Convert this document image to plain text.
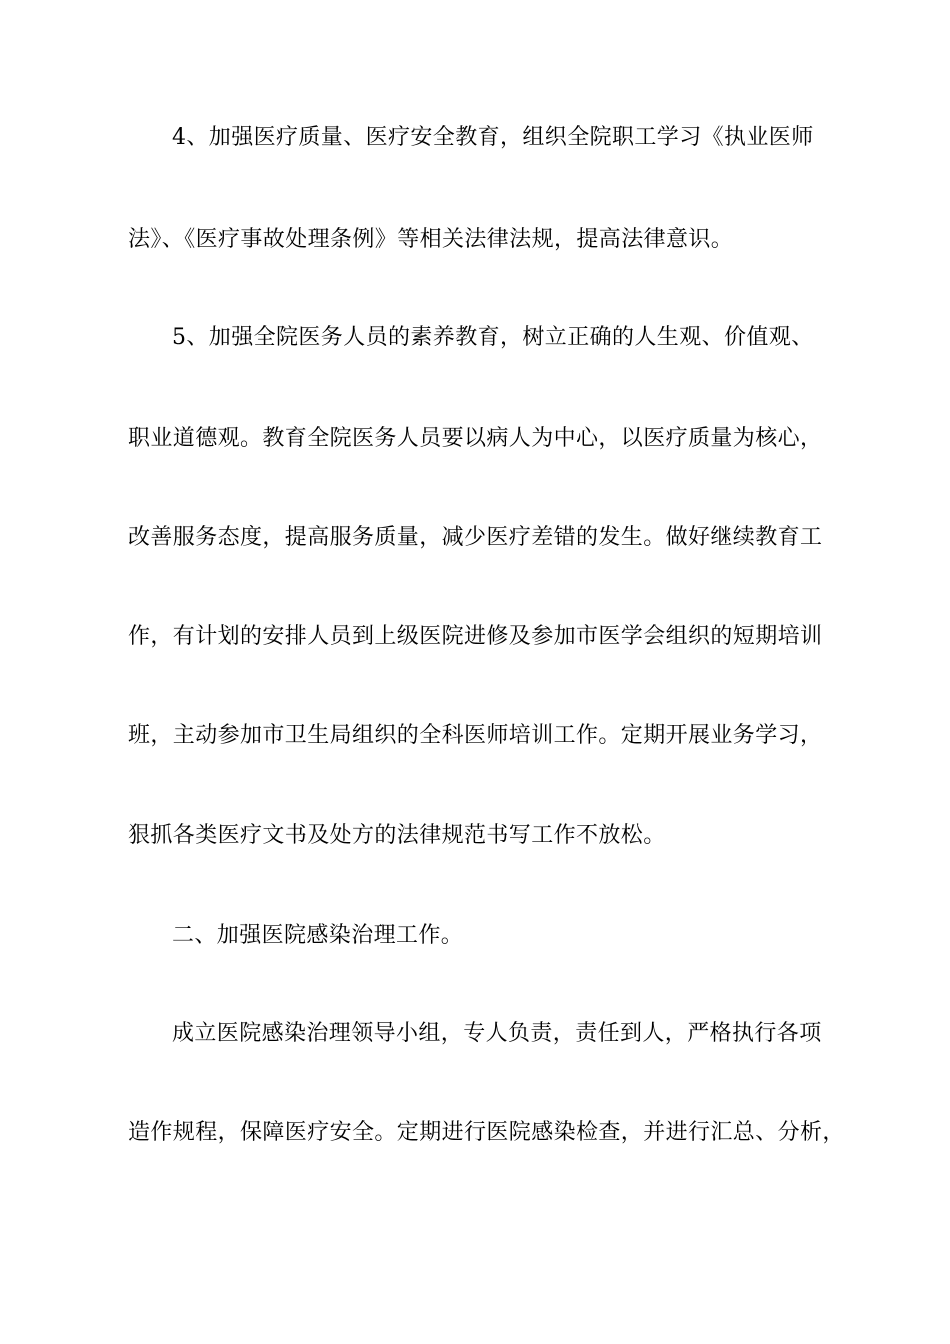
4、加强医疗质量、医疗安全教育，组织全院职工学习《执业医师
法》、《医疗事故处理条例》等相关法律法规，提高法律意识。
5、加强全院医务人员的素养教育，树立正确的人生观、价值观、
职业道德观。教育全院医务人员要以病人为中心，以医疗质量为核心，
改善服务态度，提高服务质量，减少医疗差错的发生。做好继续教育工
作，有计划的安排人员到上级医院进修及参加市医学会组织的短期培训
班，主动参加市卫生局组织的全科医师培训工作。定期开展业务学习，
狠抓各类医疗文书及处方的法律规范书写工作不放松。
二、加强医院感染治理工作。
成立医院感染治理领导小组，专人负责，责任到人，严格执行各项
造作规程，保障医疗安全。定期进行医院感染检查，并进行汇总、分析，
